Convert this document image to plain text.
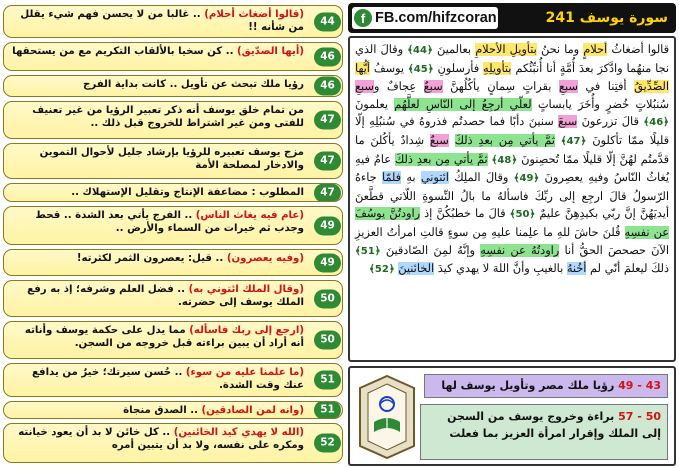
44
(قالوا أضغاث أحلام) .. غالبا من لا يحسن فهم شيء يقلل من شأنه !!
46
(أيها الصدّيق) .. كن سخيا بالألقاب التكريم مع من يستحقها
46
رؤيا ملك تبحث عن تأويل .. كانت بداية الفرج
47
من تمام خلق يوسف أنه ذكر تعبير الرؤيا من غير تعنيف للفتى ومن غير اشتراط للخروج قبل ذلك ..
47
مزج يوسف تعبيره للرؤيا بإرشاد جليل لأحوال التموين والادخار لمصلحة الأمة
47
المطلوب : مضاعفة الإنتاج وتقليل الإستهلاك ..
49
(عام فيه يغاث الناس) .. الفرج يأتي بعد الشدة .. قحط وجدب ثم خيرات من السماء والأرض ..
49
(وفيه يعصرون) .. قيل: يعصرون الثمر لكثرته!
50
(وقال الملك ائتوني به) .. فضل العلم وشرفه؛ إذ به رفع الملك يوسف إلى حضرته.
50
(ارجع إلى ربك فاسأله) مما يدل على حكمة يوسف وأناته أنه أراد أن يبين براءته قبل خروجه من السجن.
51
(ما علمنا عليه من سوء) .. حُسن سيرتك؛ خيرٌ من يدافع عنك وقت الشدة.
51
(وانه لمن الصادقين) .. الصدق منجاة
52
(الله لا يهدي كيد الخائنين) .. كل خائن لا بد أن يعود خيانته ومكره على نفسه، ولا بد أن يتبين أمره
f FB.com/hifzcoran	سورة يوسف 241
قالوا أضغاثُ أحلامٍ وما نحنُ بتأويلِ الأحلامِ بعالمينَ ﴿44﴾ وقالَ الذي نجا منهُما وادَّكرَ بعدَ أُمَّةٍ أنا أُنبِّئُكم بتأويلِهِ فأرسلونِ ﴿45﴾ يوسفُ أيُّها الصِّدِّيقُ أفتِنا في سبعِ بقراتٍ سِمانٍ يأكُلُهنَّ سبعٌ عِجافٌ وسبعِ سُنبُلاتٍ خُضرٍ وأُخَرَ يابساتٍ لعلّي أرجِعُ إلى النّاسِ لعلَّهُم يعلمونَ ﴿46﴾ قالَ تزرعونَ سبعَ سنينَ دأبًا فما حصدتُم فذروهُ في سُنبُلِهِ إلّا قليلًا ممّا تأكلونَ ﴿47﴾ ثمَّ يأتي مِن بعدِ ذلكَ سبعٌ شِدادٌ يأكُلنَ ما قدَّمتُم لهُنَّ إلّا قليلًا ممّا تُحصِنونَ ﴿48﴾ ثمَّ يأتي مِن بعدِ ذلكَ عامٌ فيهِ يُغاثُ النّاسُ وفيهِ يعصِرونَ ﴿49﴾ وقالَ الملِكُ ائتوني بهِ فلمّا جاءهُ الرّسولُ قالَ ارجِع إلى ربِّكَ فاسألهُ ما بالُ النِّسوةِ اللّاتي قطَّعنَ أيديَهُنَّ إنَّ ربّي بكيدِهِنَّ عليمٌ ﴿50﴾ قالَ ما خطبُكُنَّ إذ راودتُنَّ يوسُفَ عن نفسِهِ قُلنَ حاشَ للهِ ما علِمنا عليهِ مِن سوءٍ قالتِ امرأتُ العزيزِ الآنَ حصحصَ الحقُّ أنا راودتُهُ عن نفسِهِ وإنَّهُ لمِنَ الصّادقينَ ﴿51﴾ ذلكَ ليعلمَ أنّي لم أخُنهُ بالغيبِ وأنَّ اللهَ لا يهدي كيدَ الخائنينَ ﴿52﴾
43 - 49 رؤيا ملك مصر وتأويل يوسف لها
50 - 57 براءة وخروج يوسف من السجن إلى الملك وإقرار امرأة العزيز بما فعلت
